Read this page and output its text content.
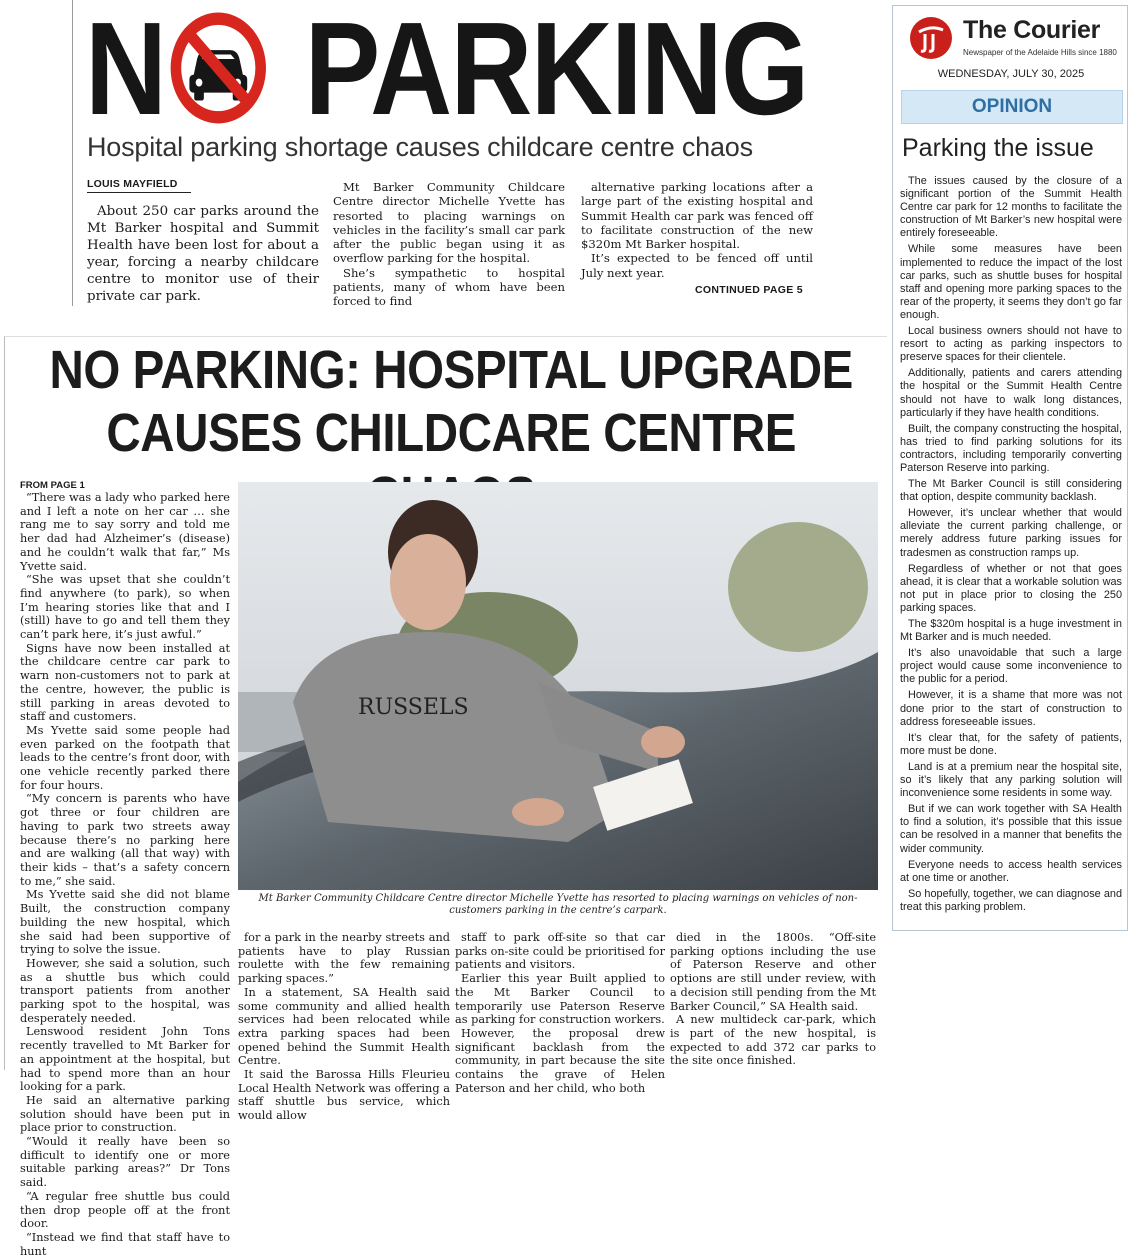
N PARKING
Hospital parking shortage causes childcare centre chaos
LOUIS MAYFIELD
About 250 car parks around the Mt Barker hospital and Summit Health have been lost for about a year, forcing a nearby childcare centre to monitor use of their private car park.

Mt Barker Community Childcare Centre director Michelle Yvette has resorted to placing warnings on vehicles in the facility’s small car park after the public began using it as overflow parking for the hospital.

She’s sympathetic to hospital patients, many of whom have been forced to find

alternative parking locations after a large part of the existing hospital and Summit Health car park was fenced off to facilitate construction of the new $320m Mt Barker hospital.

It’s expected to be fenced off until July next year.

CONTINUED PAGE 5
NO PARKING: HOSPITAL UPGRADE
CAUSES CHILDCARE CENTRE
FROM PAGE 1

“There was a lady who parked here and I left a note on her car … she rang me to say sorry and told me her dad had Alzheimer’s (disease) and he couldn’t walk that far,” Ms Yvette said.

“She was upset that she couldn’t find anywhere (to park), so when I’m hearing stories like that and I (still) have to go and tell them they can’t park here, it’s just awful.”

Signs have now been installed at the childcare centre car park to warn non-customers not to park at the centre, however, the public is still parking in areas devoted to staff and customers.

Ms Yvette said some people had even parked on the footpath that leads to the centre’s front door, with one vehicle recently parked there for four hours.

“My concern is parents who have got three or four children are having to park two streets away because there’s no parking here and are walking (all that way) with their kids – that’s a safety concern to me,” she said.

Ms Yvette said she did not blame Built, the construction company building the new hospital, which she said had been supportive of trying to solve the issue.

However, she said a solution, such as a shuttle bus which could transport patients from another parking spot to the hospital, was desperately needed.

Lenswood resident John Tons recently travelled to Mt Barker for an appointment at the hospital, but had to spend more than an hour looking for a park.

He said an alternative parking solution should have been put in place prior to construction.

“Would it really have been so difficult to identify one or more suitable parking areas?” Dr Tons said.

“A regular free shuttle bus could then drop people off at the front door.

“Instead we find that staff have to hunt

RUSSELS
Mt Barker Community Childcare Centre director Michelle Yvette has resorted to placing warnings on vehicles of non-customers parking in the centre’s carpark.

for a park in the nearby streets and patients have to play Russian roulette with the few remaining parking spaces.”

In a statement, SA Health said some community and allied health services had been relocated while extra parking spaces had been opened behind the Summit Health Centre.

It said the Barossa Hills Fleurieu Local Health Network was offering a staff shuttle bus service, which would allow

staff to park off-site so that car parks on-site could be prioritised for patients and visitors.

Earlier this year Built applied to the Mt Barker Council to temporarily use Paterson Reserve as parking for construction workers.

However, the proposal drew significant backlash from the community, in part because the site contains the grave of Helen Paterson and her child, who both

died in the 1800s. “Off-site parking options including the use of Paterson Reserve and other options are still under review, with a decision still pending from the Mt Barker Council,” SA Health said.

A new multideck car-park, which is part of the new hospital, is expected to add 372 car parks to the site once finished.

The Courier
Newspaper of the Adelaide Hills since 1880
WEDNESDAY, JULY 30, 2025
OPINION
Parking the issue

The issues caused by the closure of a significant portion of the Summit Health Centre car park for 12 months to facilitate the construction of Mt Barker’s new hospital were entirely foreseeable.

While some measures have been implemented to reduce the impact of the lost car parks, such as shuttle buses for hospital staff and opening more parking spaces to the rear of the property, it seems they don’t go far enough.

Local business owners should not have to resort to acting as parking inspectors to preserve spaces for their clientele.

Additionally, patients and carers attending the hospital or the Summit Health Centre should not have to walk long distances, particularly if they have health conditions.

Built, the company constructing the hospital, has tried to find parking solutions for its contractors, including temporarily converting Paterson Reserve into parking.

The Mt Barker Council is still considering that option, despite community backlash.

However, it’s unclear whether that would alleviate the current parking challenge, or merely address future parking issues for tradesmen as construction ramps up.

Regardless of whether or not that goes ahead, it is clear that a workable solution was not put in place prior to closing the 250 parking spaces.

The $320m hospital is a huge investment in Mt Barker and is much needed.

It’s also unavoidable that such a large project would cause some inconvenience to the public for a period.

However, it is a shame that more was not done prior to the start of construction to address foreseeable issues.

It’s clear that, for the safety of patients, more must be done.

Land is at a premium near the hospital site, so it’s likely that any parking solution will inconvenience some residents in some way.

But if we can work together with SA Health to find a solution, it’s possible that this issue can be resolved in a manner that benefits the wider community.

Everyone needs to access health services at one time or another.

So hopefully, together, we can diagnose and treat this parking problem.
